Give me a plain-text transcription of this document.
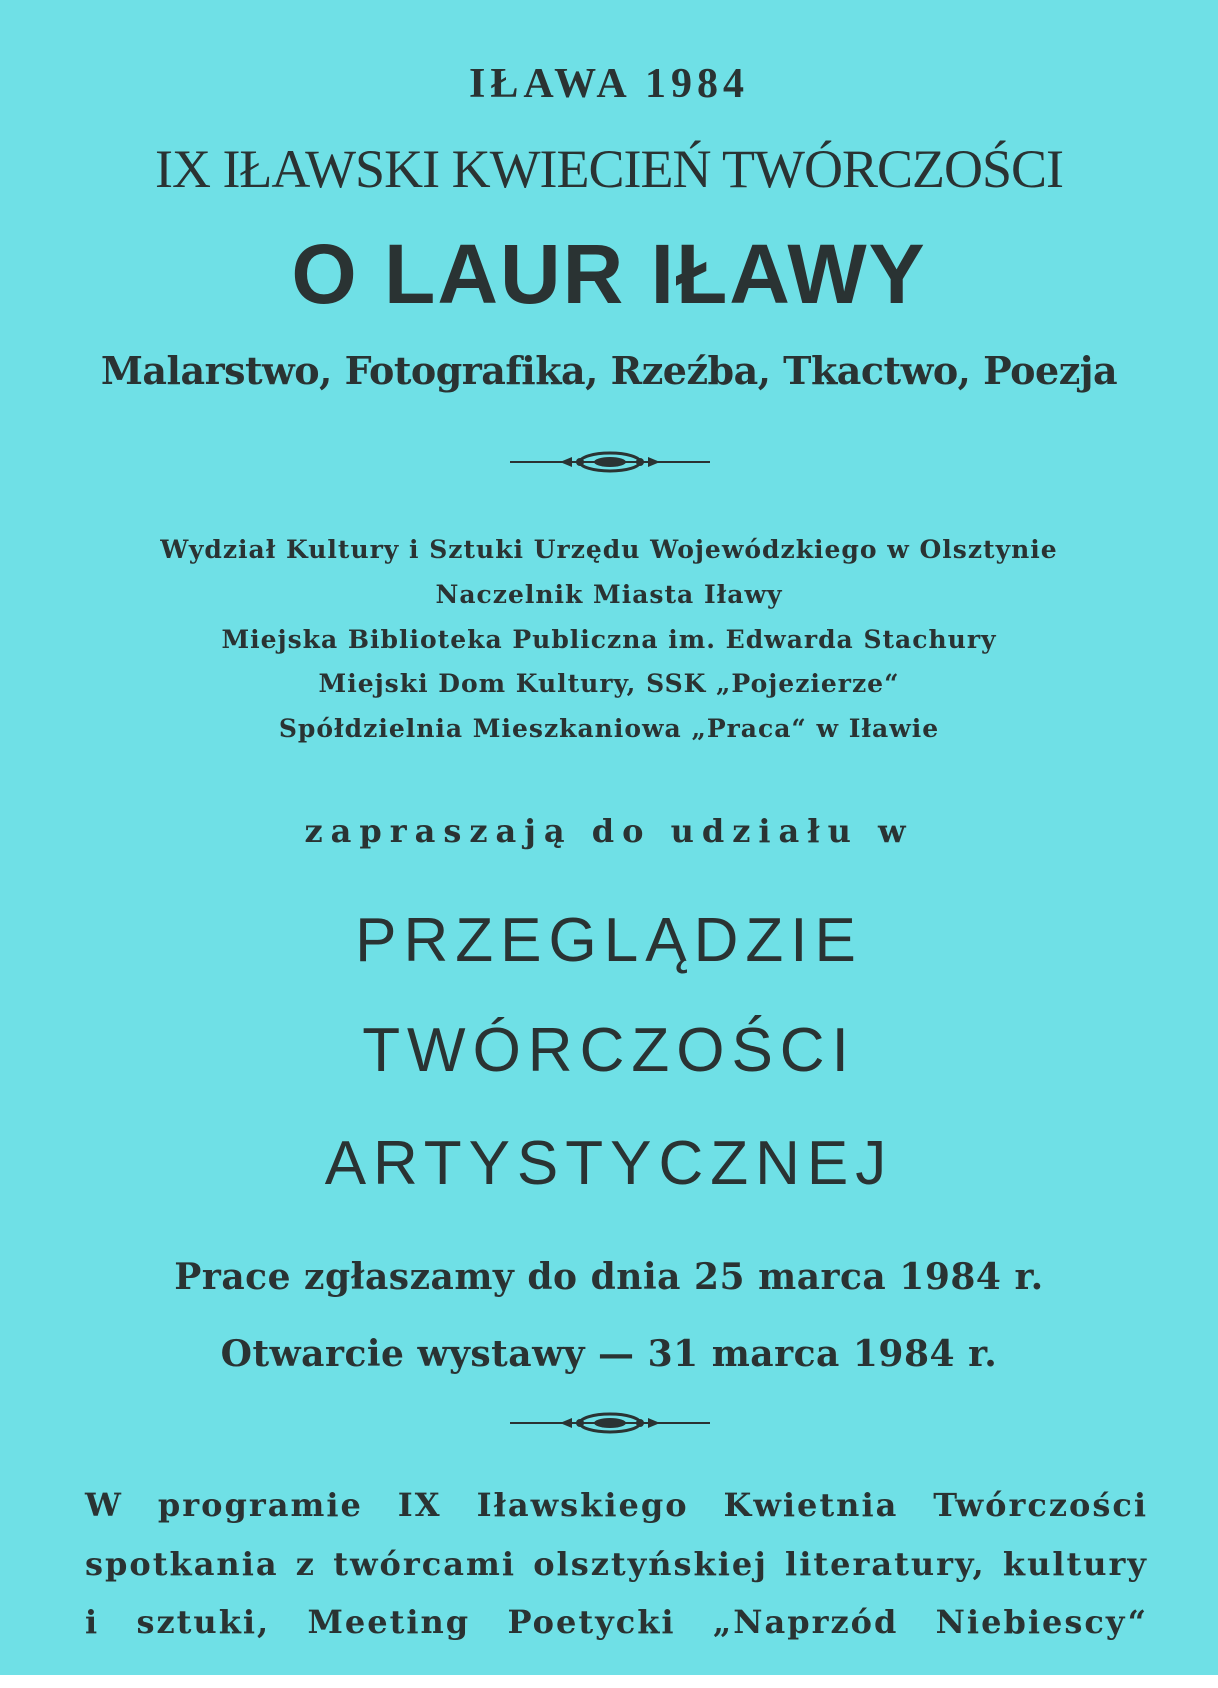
IŁAWA 1984
IX IŁAWSKI KWIECIEŃ TWÓRCZOŚCI
O LAUR IŁAWY
Malarstwo, Fotografika, Rzeźba, Tkactwo, Poezja
Wydział Kultury i Sztuki Urzędu Wojewódzkiego w Olsztynie
Naczelnik Miasta Iławy
Miejska Biblioteka Publiczna im. Edwarda Stachury
Miejski Dom Kultury, SSK „Pojezierze“
Spółdzielnia Mieszkaniowa „Praca“ w Iławie
zapraszają do udziału w
PRZEGLĄDZIE
TWÓRCZOŚCI
ARTYSTYCZNEJ
Prace zgłaszamy do dnia 25 marca 1984 r.
Otwarcie wystawy — 31 marca 1984 r.
W programie IX Iławskiego Kwietnia Twórczości
spotkania z twórcami olsztyńskiej literatury, kultury
i sztuki, Meeting Poetycki „Naprzód Niebiescy“
